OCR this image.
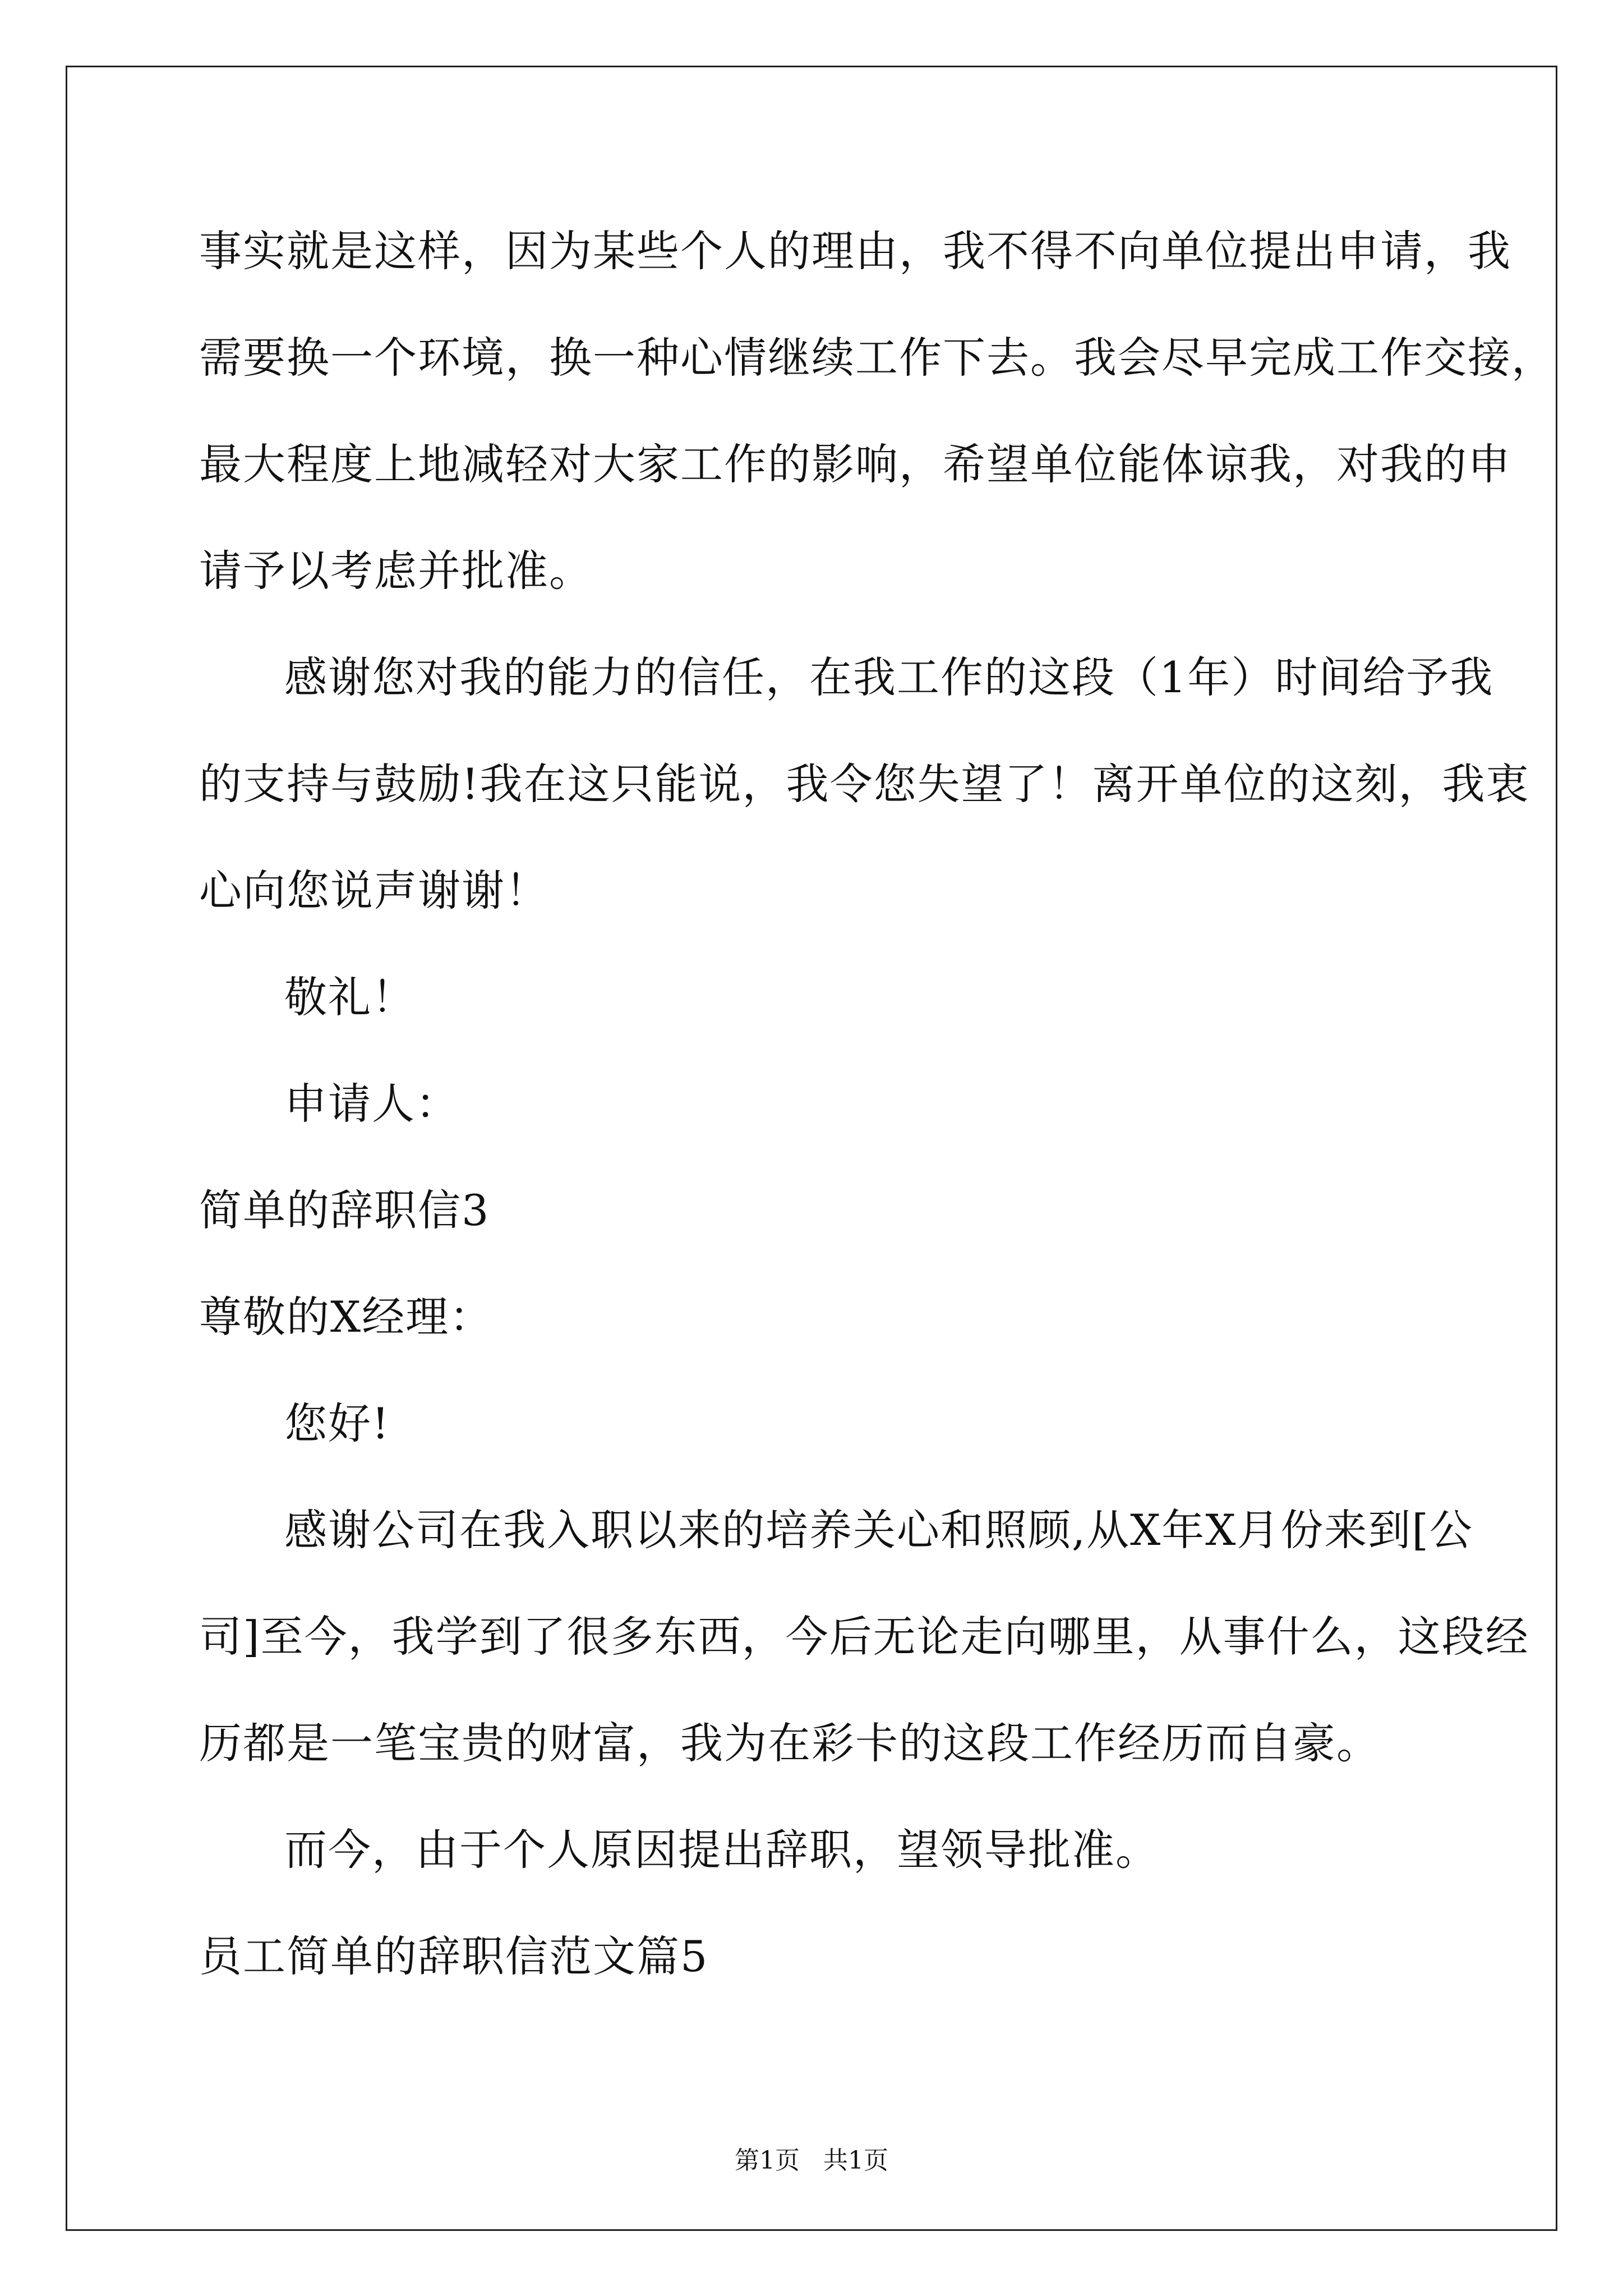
事实就是这样，因为某些个人的理由，我不得不向单位提出申请，我
需要换一个环境，换一种心情继续工作下去。我会尽早完成工作交接，
最大程度上地减轻对大家工作的影响，希望单位能体谅我，对我的申
请予以考虑并批准。
感谢您对我的能力的信任，在我工作的这段（1年）时间给予我
的支持与鼓励!我在这只能说，我令您失望了！离开单位的这刻，我衷
心向您说声谢谢！
敬礼！
申请人：
简单的辞职信3
尊敬的X经理：
您好!
感谢公司在我入职以来的培养关心和照顾,从X年X月份来到[公
司]至今，我学到了很多东西，今后无论走向哪里，从事什么，这段经
历都是一笔宝贵的财富，我为在彩卡的这段工作经历而自豪。
而今，由于个人原因提出辞职，望领导批准。
员工简单的辞职信范文篇5
第1页 共1页
